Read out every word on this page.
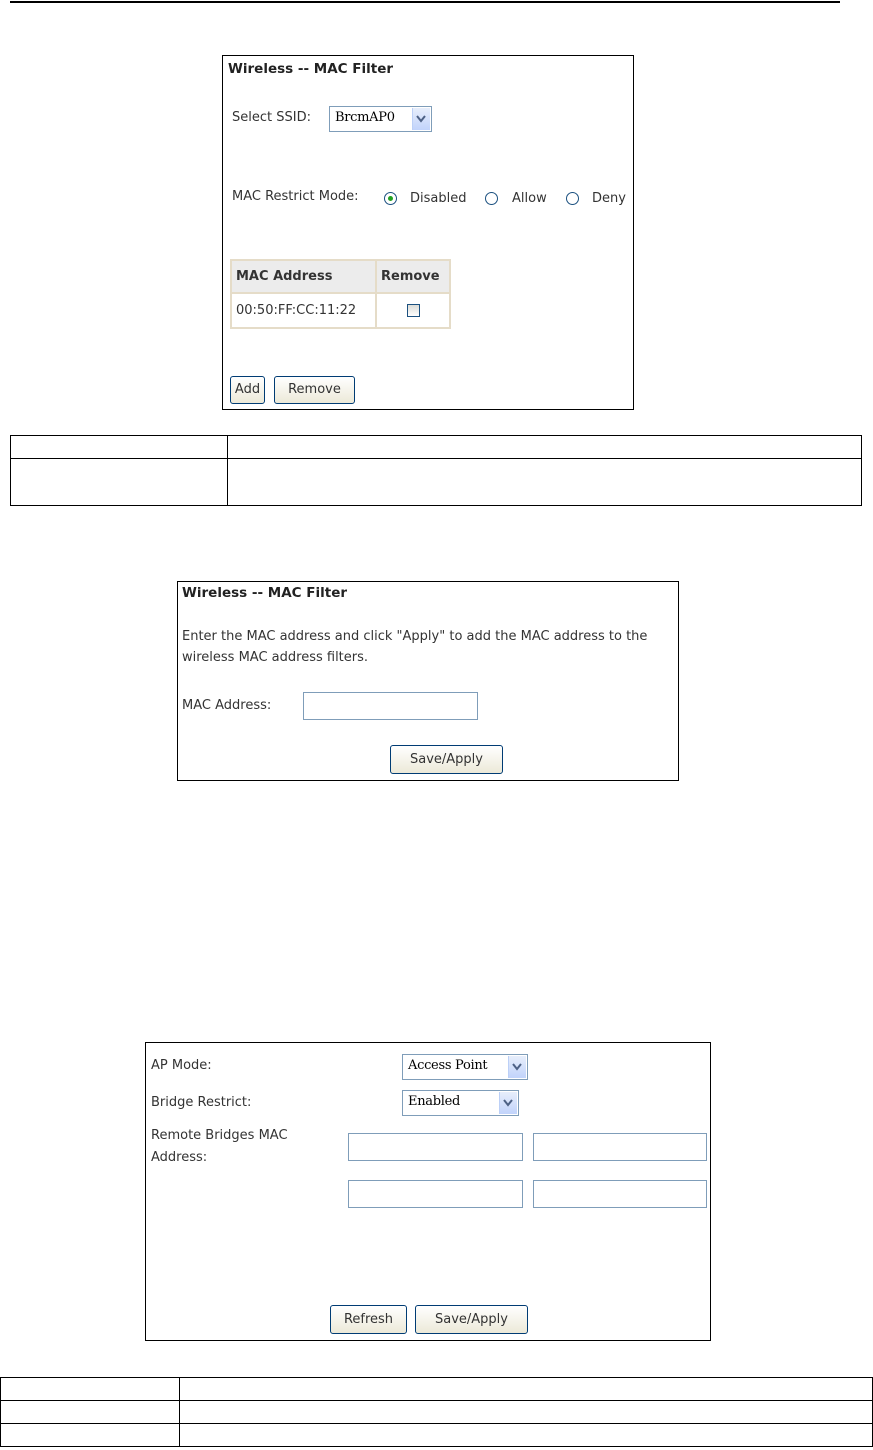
Wireless -- MAC Filter
Select SSID: BrcmAP0
MAC Restrict Mode:	Disabled	Allow	Deny
MAC Address	Remove
00:50:FF:CC:11:22	
Add	Remove

Wireless -- MAC Filter
Enter the MAC address and click "Apply" to add the MAC address to the wireless MAC address filters.
MAC Address:
Save/Apply
AP Mode:	Access Point
Bridge Restrict:	Enabled
Remote Bridges MAC
Address:
Refresh	Save/Apply
